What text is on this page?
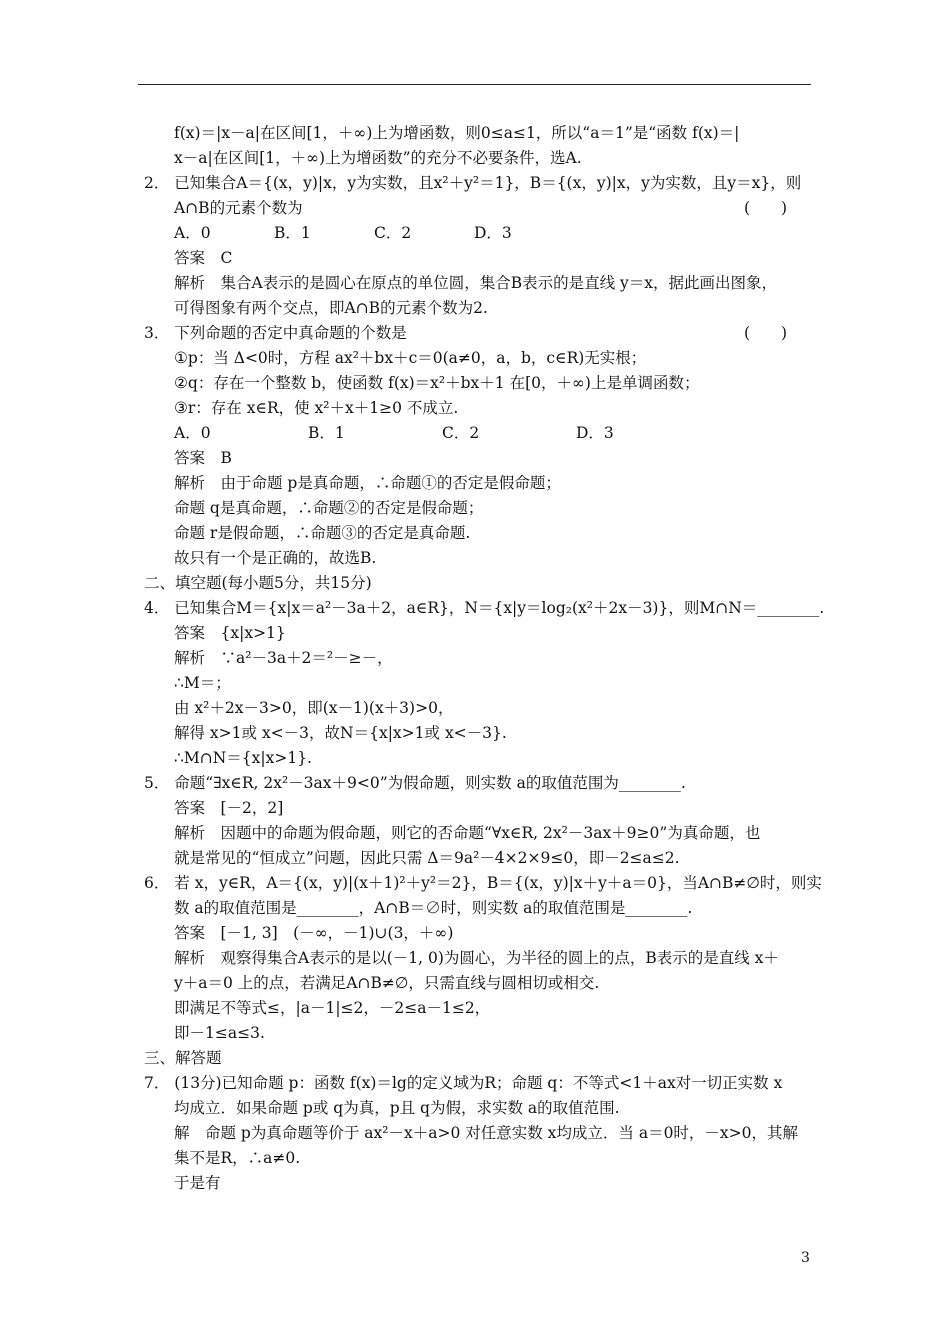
f(x)＝|x－a|在区间[1，＋∞)上为增函数，则0≤a≤1，所以“a＝1”是“函数 f(x)＝|
x－a|在区间[1，＋∞)上为增函数”的充分不必要条件，选A.
2． 已知集合A＝{(x，y)|x，y为实数，且x²＋y²＝1}，B＝{(x，y)|x，y为实数，且y＝x}，则
A∩B的元素个数为	(　　)
A．0	B．1	C．2	D．3
答案　C
解析　集合A表示的是圆心在原点的单位圆，集合B表示的是直线 y＝x，据此画出图象，
可得图象有两个交点，即A∩B的元素个数为2.
3． 下列命题的否定中真命题的个数是	(　　)
①p：当 Δ<0时，方程 ax²＋bx＋c＝0(a≠0，a，b，c∈R)无实根；
②q：存在一个整数 b，使函数 f(x)＝x²＋bx＋1 在[0，＋∞)上是单调函数；
③r：存在 x∈R，使 x²＋x＋1≥0 不成立.
A．0	B．1	C．2	D．3
答案　B
解析　由于命题 p是真命题，∴命题①的否定是假命题；
命题 q是真命题，∴命题②的否定是假命题；
命题 r是假命题，∴命题③的否定是真命题.
故只有一个是正确的，故选B.
二、填空题(每小题5分，共15分)
4． 已知集合M＝{x|x＝a²－3a＋2，a∈R}，N＝{x|y＝log₂(x²＋2x－3)}，则M∩N＝________.
答案　{x|x>1}
解析　∵a²－3a＋2＝²－≥－，
∴M＝；
由 x²＋2x－3>0，即(x－1)(x＋3)>0，
解得 x>1或 x<－3，故N＝{x|x>1或 x<－3}.
∴M∩N＝{x|x>1}.
5． 命题“∃x∈R, 2x²－3ax＋9<0”为假命题，则实数 a的取值范围为________.
答案　[－2，2]
解析　因题中的命题为假命题，则它的否命题“∀x∈R, 2x²－3ax＋9≥0”为真命题，也
就是常见的“恒成立”问题，因此只需 Δ＝9a²－4×2×9≤0，即－2≤a≤2.
6． 若 x，y∈R，A＝{(x，y)|(x＋1)²＋y²＝2}，B＝{(x，y)|x＋y＋a＝0}，当A∩B≠∅时，则实
数 a的取值范围是________，A∩B＝∅时，则实数 a的取值范围是________.
答案　[－1, 3]　(－∞，－1)∪(3，＋∞)
解析　观察得集合A表示的是以(－1, 0)为圆心，为半径的圆上的点，B表示的是直线 x＋
y＋a＝0 上的点，若满足A∩B≠∅，只需直线与圆相切或相交.
即满足不等式≤，|a－1|≤2，－2≤a－1≤2，
即－1≤a≤3.
三、解答题
7． (13分)已知命题 p：函数 f(x)＝lg的定义域为R；命题 q：不等式<1＋ax对一切正实数 x
均成立．如果命题 p或 q为真，p且 q为假，求实数 a的取值范围.
解　命题 p为真命题等价于 ax²－x＋a>0 对任意实数 x均成立．当 a＝0时，－x>0，其解
集不是R，∴a≠0.
于是有
3
